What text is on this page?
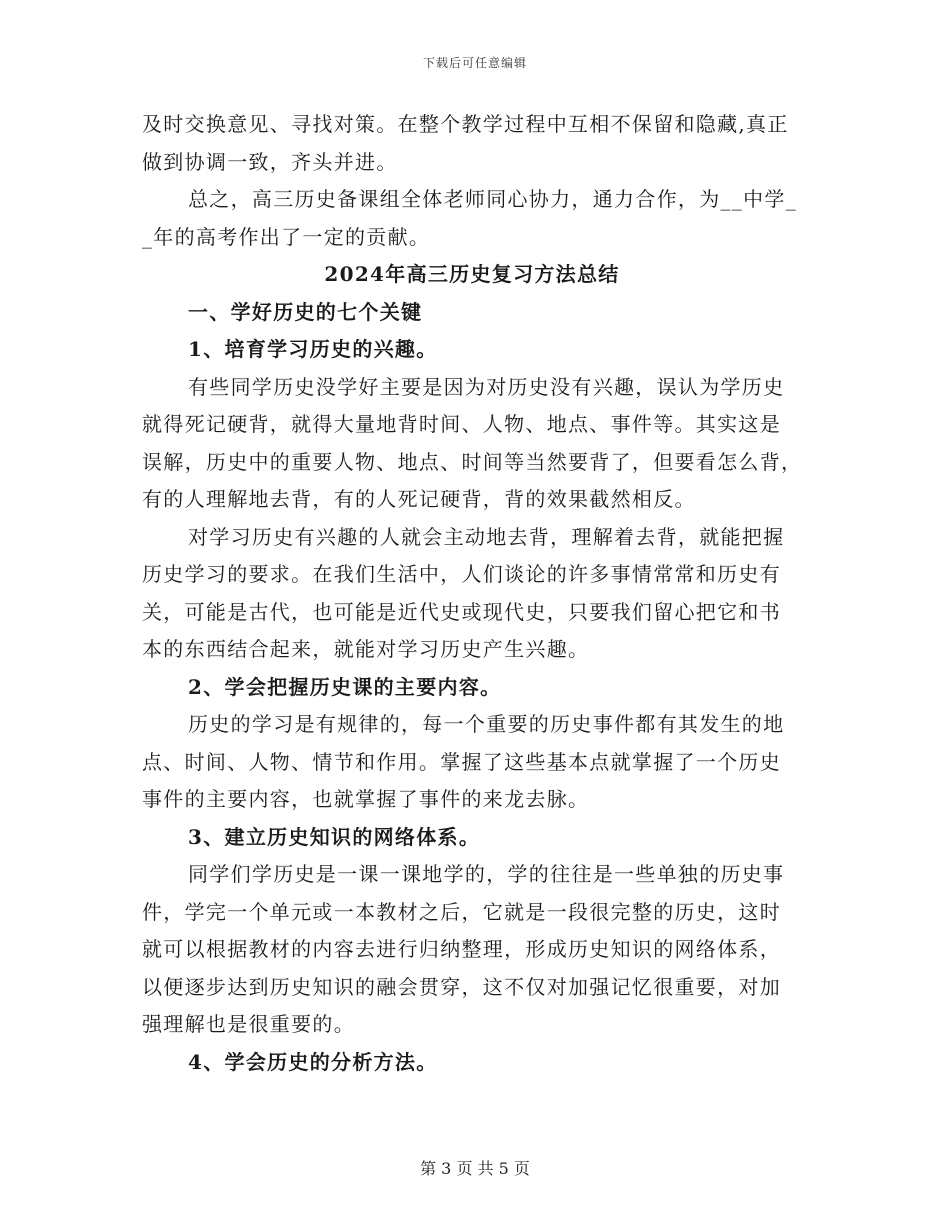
下载后可任意编辑
及时交换意见、寻找对策。在整个教学过程中互相不保留和隐藏,真正
做到协调一致，齐头并进。
总之，高三历史备课组全体老师同心协力，通力合作，为__中学_
_年的高考作出了一定的贡献。
2024年高三历史复习方法总结
一、学好历史的七个关键
1、培育学习历史的兴趣。
有些同学历史没学好主要是因为对历史没有兴趣，误认为学历史
就得死记硬背，就得大量地背时间、人物、地点、事件等。其实这是
误解，历史中的重要人物、地点、时间等当然要背了，但要看怎么背，
有的人理解地去背，有的人死记硬背，背的效果截然相反。
对学习历史有兴趣的人就会主动地去背，理解着去背，就能把握
历史学习的要求。在我们生活中，人们谈论的许多事情常常和历史有
关，可能是古代，也可能是近代史或现代史，只要我们留心把它和书
本的东西结合起来，就能对学习历史产生兴趣。
2、学会把握历史课的主要内容。
历史的学习是有规律的，每一个重要的历史事件都有其发生的地
点、时间、人物、情节和作用。掌握了这些基本点就掌握了一个历史
事件的主要内容，也就掌握了事件的来龙去脉。
3、建立历史知识的网络体系。
同学们学历史是一课一课地学的，学的往往是一些单独的历史事
件，学完一个单元或一本教材之后，它就是一段很完整的历史，这时
就可以根据教材的内容去进行归纳整理，形成历史知识的网络体系，
以便逐步达到历史知识的融会贯穿，这不仅对加强记忆很重要，对加
强理解也是很重要的。
4、学会历史的分析方法。
第 3 页 共 5 页
